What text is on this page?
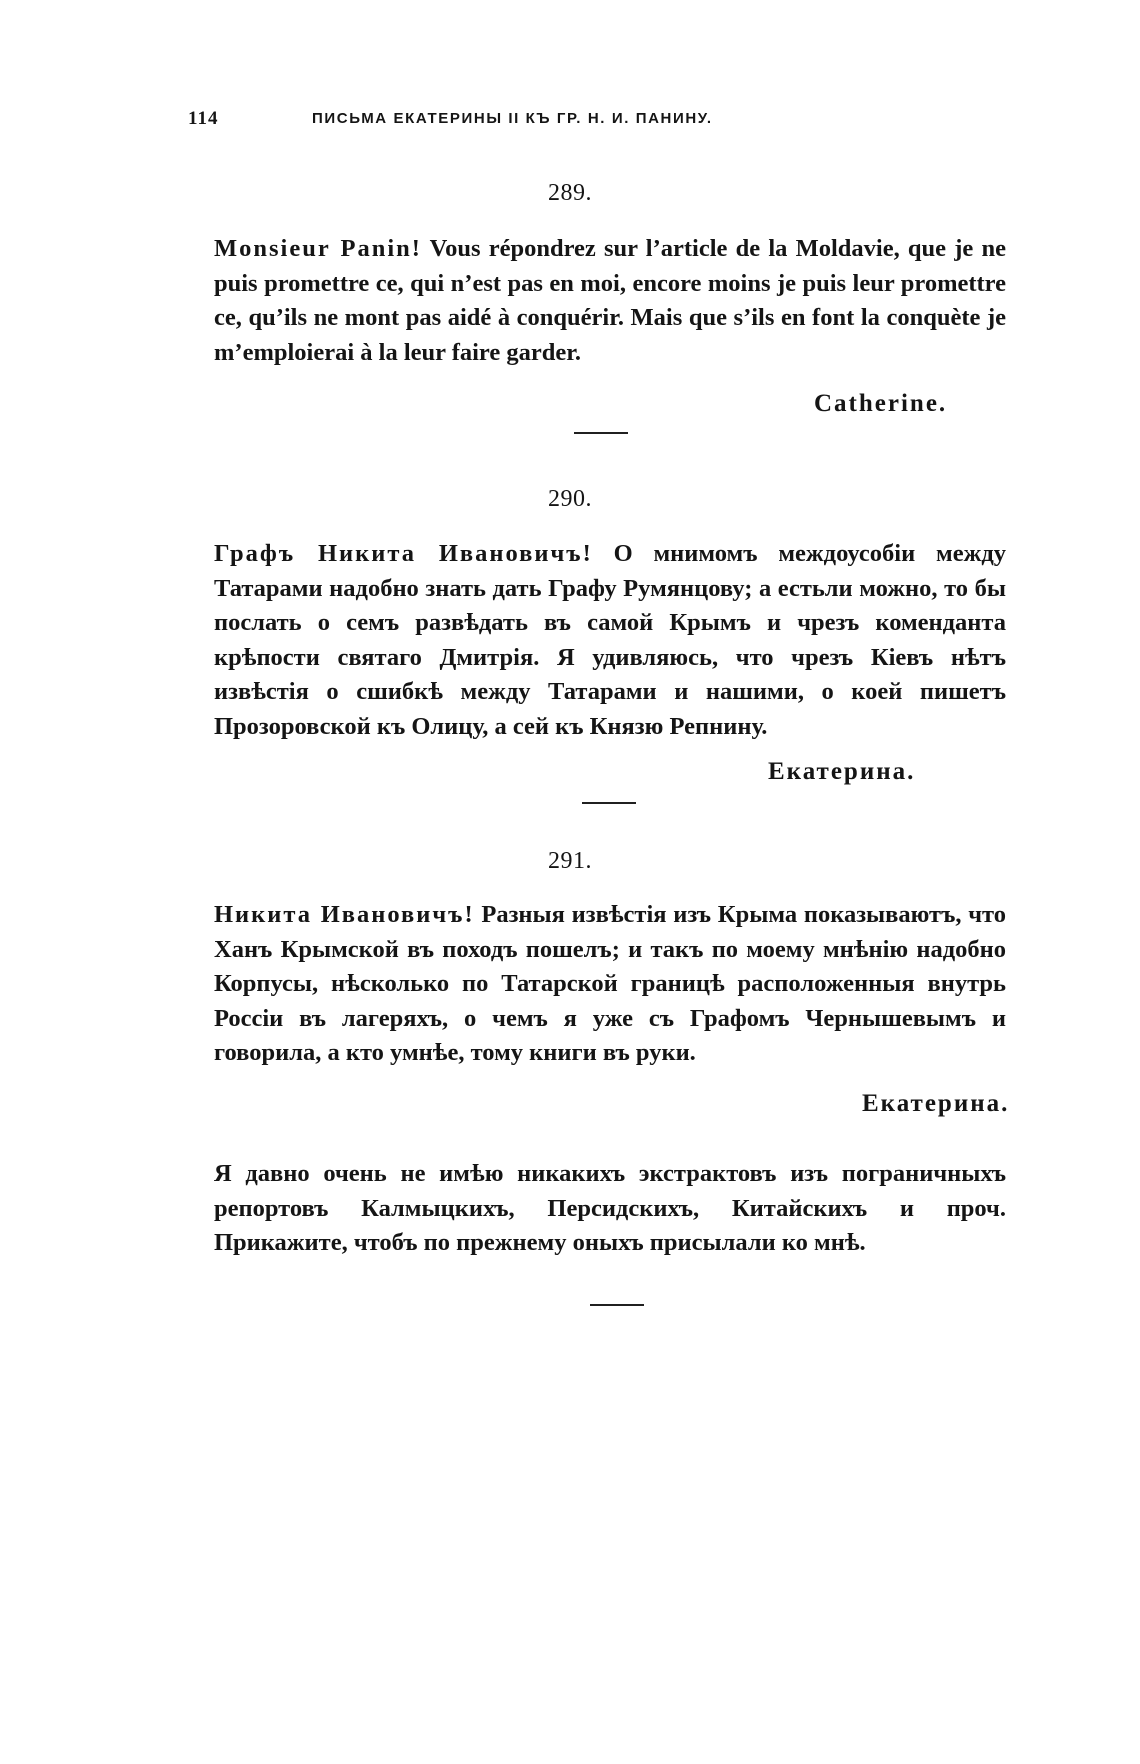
114	ПИСЬМА ЕКАТЕРИНЫ II КЪ ГР. Н. И. ПАНИНУ.
289.
Monsieur Panin! Vous répondrez sur l’article de la Moldavie, que je ne puis promettre ce, qui n’est pas en moi, encore moins je puis leur promettre ce, qu’ils ne mont pas aidé à conquérir. Mais que s’ils en font la conquète je m’emploierai à la leur faire garder.
Catherine.
290.
Графъ Никита Ивановичъ! О мнимомъ междоусобіи между Татарами надобно знать дать Графу Румянцову; а естьли можно, то бы послать о семъ развѣдать въ самой Крымъ и чрезъ коменданта крѣпости святаго Дмитрія. Я удивляюсь, что чрезъ Кіевъ нѣтъ извѣстія о сшибкѣ между Татарами и нашими, о коей пишетъ Прозоровской къ Олицу, а сей къ Князю Репнину.
Екатерина.
291.
Никита Ивановичъ! Разныя извѣстія изъ Крыма показываютъ, что Ханъ Крымской въ походъ пошелъ; и такъ по моему мнѣнію надобно Корпусы, нѣсколько по Татарской границѣ расположенныя внутрь Россіи въ лагеряхъ, о чемъ я уже съ Графомъ Чернышевымъ и говорила, а кто умнѣе, тому книги въ руки.
Екатерина.
Я давно очень не имѣю никакихъ экстрактовъ изъ пограничныхъ репортовъ Калмыцкихъ, Персидскихъ, Китайскихъ и проч. Прикажите, чтобъ по прежнему оныхъ присылали ко мнѣ.
